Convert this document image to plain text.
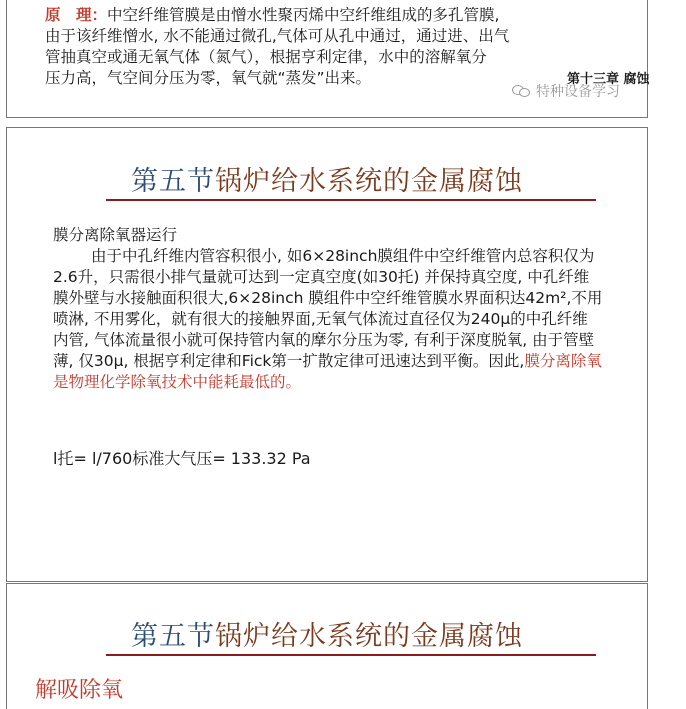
原　理：中空纤维管膜是由憎水性聚丙烯中空纤维组成的多孔管膜,
由于该纤维憎水, 水不能通过微孔,气体可从孔中通过，通过进、出气
管抽真空或通无氧气体（氮气），根据亨利定律，水中的溶解氧分
压力高，气空间分压为零，氧气就“蒸发”出来。	第十三章 腐蚀
特种设备学习
第五节锅炉给水系统的金属腐蚀

膜分离除氧器运行

由于中孔纤维内管容积很小, 如6×28inch膜组件中空纤维管内总容积仅为2.6升，只需很小排气量就可达到一定真空度(如30托) 并保持真空度, 中孔纤维膜外壁与水接触面积很大,6×28inch 膜组件中空纤维管膜水界面积达42m²,不用喷淋, 不用雾化，就有很大的接触界面,无氧气体流过直径仅为240μ的中孔纤维内管, 气体流量很小就可保持管内氧的摩尔分压为零, 有利于深度脱氧, 由于管壁薄, 仅30μ, 根据亨利定律和Fick第一扩散定律可迅速达到平衡。因此,膜分离除氧是物理化学除氧技术中能耗最低的。

l托= l/760标准大气压= 133.32 Pa
第五节锅炉给水系统的金属腐蚀
解吸除氧
